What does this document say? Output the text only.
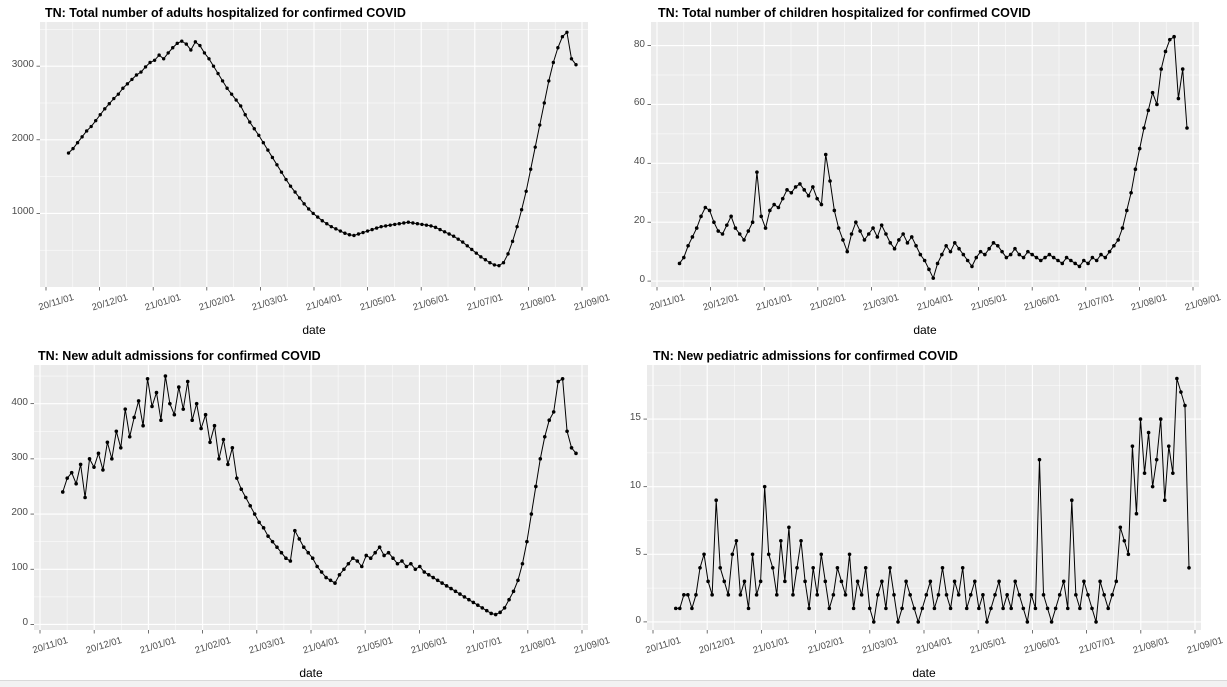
TN: Total number of adults hospitalized for confirmed COVID
20/11/01	20/12/01	21/01/01	21/02/01	21/03/01	21/04/01	21/05/01	21/06/01	21/07/01	21/08/01	21/09/01
1000
2000
3000
date
TN: Total number of children hospitalized for confirmed COVID
20/11/01	20/12/01	21/01/01	21/02/01	21/03/01	21/04/01	21/05/01	21/06/01	21/07/01	21/08/01	21/09/01
0
20
40
60
80
date
TN: New adult admissions for confirmed COVID
20/11/01	20/12/01	21/01/01	21/02/01	21/03/01	21/04/01	21/05/01	21/06/01	21/07/01	21/08/01	21/09/01
0
100
200
300
400
date
TN: New pediatric admissions for confirmed COVID
20/11/01	20/12/01	21/01/01	21/02/01	21/03/01	21/04/01	21/05/01	21/06/01	21/07/01	21/08/01	21/09/01
0
5
10
15
date
